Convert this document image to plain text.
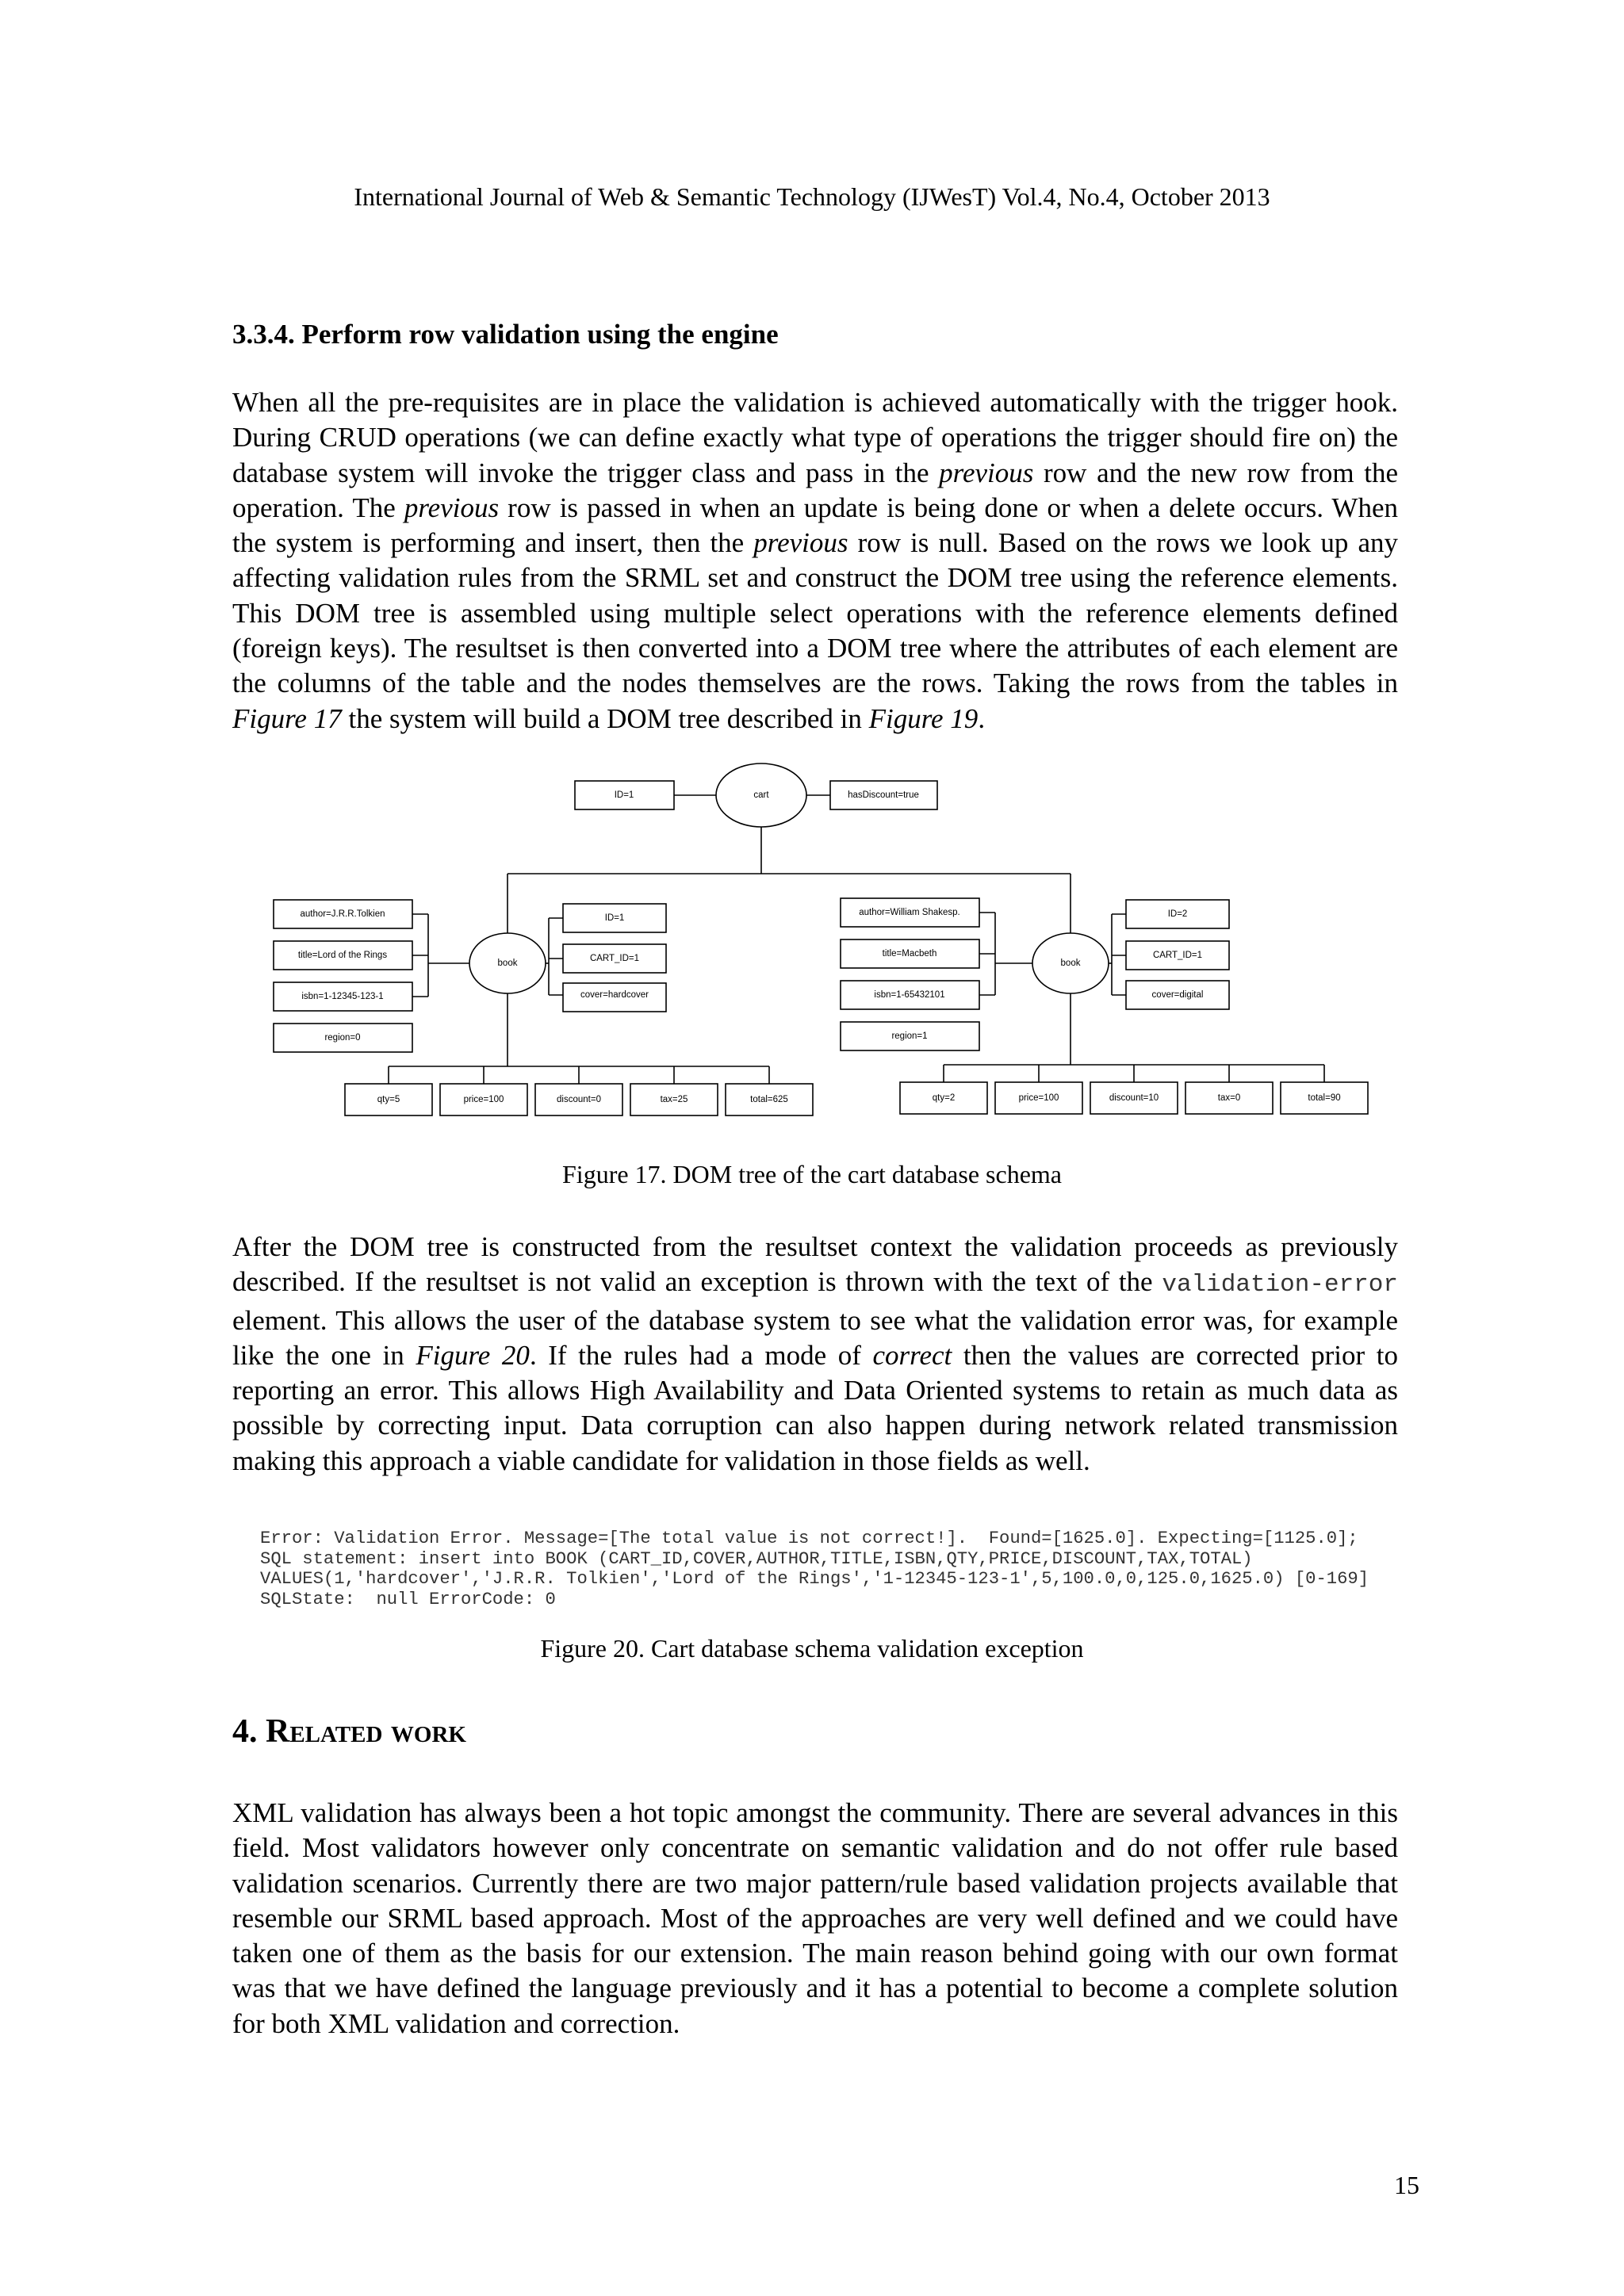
International Journal of Web & Semantic Technology (IJWesT) Vol.4, No.4, October 2013
3.3.4. Perform row validation using the engine

When all the pre-requisites are in place the validation is achieved automatically with the trigger hook. During CRUD operations (we can define exactly what type of operations the trigger should fire on) the database system will invoke the trigger class and pass in the previous row and the new row from the operation. The previous row is passed in when an update is being done or when a delete occurs. When the system is performing and insert, then the previous row is null. Based on the rows we look up any affecting validation rules from the SRML set and construct the DOM tree using the reference elements. This DOM tree is assembled using multiple select operations with the reference elements defined (foreign keys). The resultset is then converted into a DOM tree where the attributes of each element are the columns of the table and the nodes themselves are the rows. Taking the rows from the tables in Figure 17 the system will build a DOM tree described in Figure 19.

ID=1	cart	hasDiscount=true
book
author=J.R.R.Tolkien
title=Lord of the Rings
isbn=1-12345-123-1
region=0
ID=1
CART_ID=1
cover=hardcover
qty=5	price=100	discount=0	tax=25	total=625
book
author=William Shakesp.
title=Macbeth
isbn=1-65432101
region=1
ID=2
CART_ID=1
cover=digital
qty=2	price=100	discount=10	tax=0	total=90
Figure 17. DOM tree of the cart database schema

After the DOM tree is constructed from the resultset context the validation proceeds as previously described. If the resultset is not valid an exception is thrown with the text of the validation-error element. This allows the user of the database system to see what the validation error was, for example like the one in Figure 20. If the rules had a mode of correct then the values are corrected prior to reporting an error. This allows High Availability and Data Oriented systems to retain as much data as possible by correcting input. Data corruption can also happen during network related transmission making this approach a viable candidate for validation in those fields as well.

Error: Validation Error. Message=[The total value is not correct!].  Found=[1625.0]. Expecting=[1125.0];
SQL statement: insert into BOOK (CART_ID,COVER,AUTHOR,TITLE,ISBN,QTY,PRICE,DISCOUNT,TAX,TOTAL)
VALUES(1,'hardcover','J.R.R. Tolkien','Lord of the Rings','1-12345-123-1',5,100.0,0,125.0,1625.0) [0-169]
SQLState:  null ErrorCode: 0
Figure 20. Cart database schema validation exception
4. Related work

XML validation has always been a hot topic amongst the community. There are several advances in this field. Most validators however only concentrate on semantic validation and do not offer rule based validation scenarios. Currently there are two major pattern/rule based validation projects available that resemble our SRML based approach. Most of the approaches are very well defined and we could have taken one of them as the basis for our extension. The main reason behind going with our own format was that we have defined the language previously and it has a potential to become a complete solution for both XML validation and correction.

15
